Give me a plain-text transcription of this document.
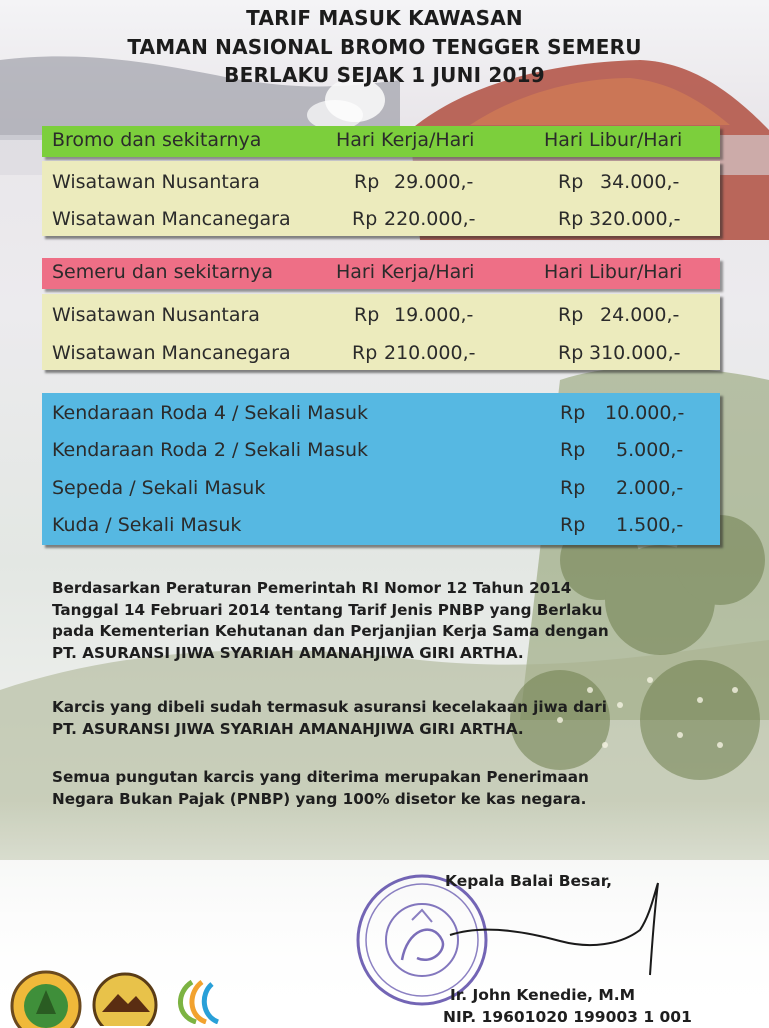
TARIF MASUK KAWASAN
TAMAN NASIONAL BROMO TENGGER SEMERU
BERLAKU SEJAK 1 JUNI 2019
Bromo dan sekitarnya	Hari Kerja/Hari	Hari Libur/Hari
Wisatawan Nusantara	Rp 29.000,-	Rp 34.000,-
Wisatawan Mancanegara	Rp 220.000,-	Rp 320.000,-
Semeru dan sekitarnya	Hari Kerja/Hari	Hari Libur/Hari
Wisatawan Nusantara	Rp 19.000,-	Rp 24.000,-
Wisatawan Mancanegara	Rp 210.000,-	Rp 310.000,-
Kendaraan Roda 4 / Sekali Masuk	Rp 10.000,-
Kendaraan Roda 2 / Sekali Masuk	Rp 5.000,-
Sepeda / Sekali Masuk	Rp 2.000,-
Kuda / Sekali Masuk	Rp 1.500,-
Berdasarkan Peraturan Pemerintah RI Nomor 12 Tahun 2014
Tanggal 14 Februari 2014 tentang Tarif Jenis PNBP yang Berlaku
pada Kementerian Kehutanan dan Perjanjian Kerja Sama dengan
PT. ASURANSI JIWA SYARIAH AMANAHJIWA GIRI ARTHA.
Karcis yang dibeli sudah termasuk asuransi kecelakaan jiwa dari
PT. ASURANSI JIWA SYARIAH AMANAHJIWA GIRI ARTHA.
Semua pungutan karcis yang diterima merupakan Penerimaan
Negara Bukan Pajak (PNBP) yang 100% disetor ke kas negara.
Kepala Balai Besar,
Ir. John Kenedie, M.M
NIP. 19601020 199003 1 001
